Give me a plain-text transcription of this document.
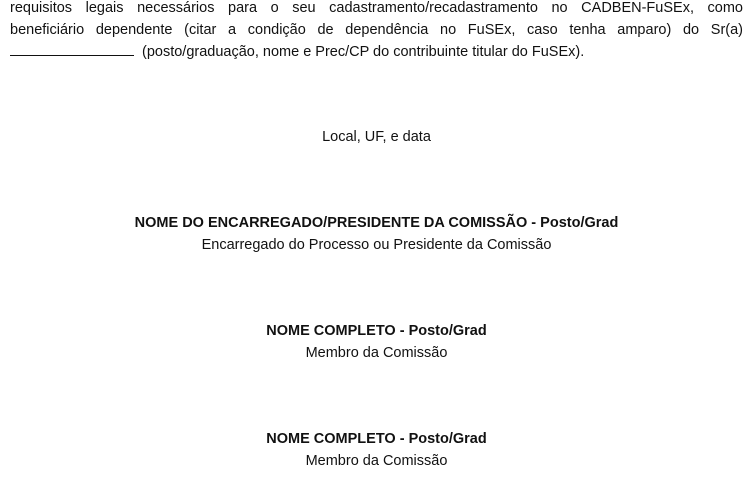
requisitos legais necessários para o seu cadastramento/recadastramento no CADBEN-FuSEx, como
beneficiário dependente (citar a condição de dependência no FuSEx, caso tenha amparo) do Sr(a)
(posto/graduação, nome e Prec/CP do contribuinte titular do FuSEx).
Local, UF, e data
NOME DO ENCARREGADO/PRESIDENTE DA COMISSÃO - Posto/Grad
Encarregado do Processo ou Presidente da Comissão
NOME COMPLETO - Posto/Grad
Membro da Comissão
NOME COMPLETO - Posto/Grad
Membro da Comissão
